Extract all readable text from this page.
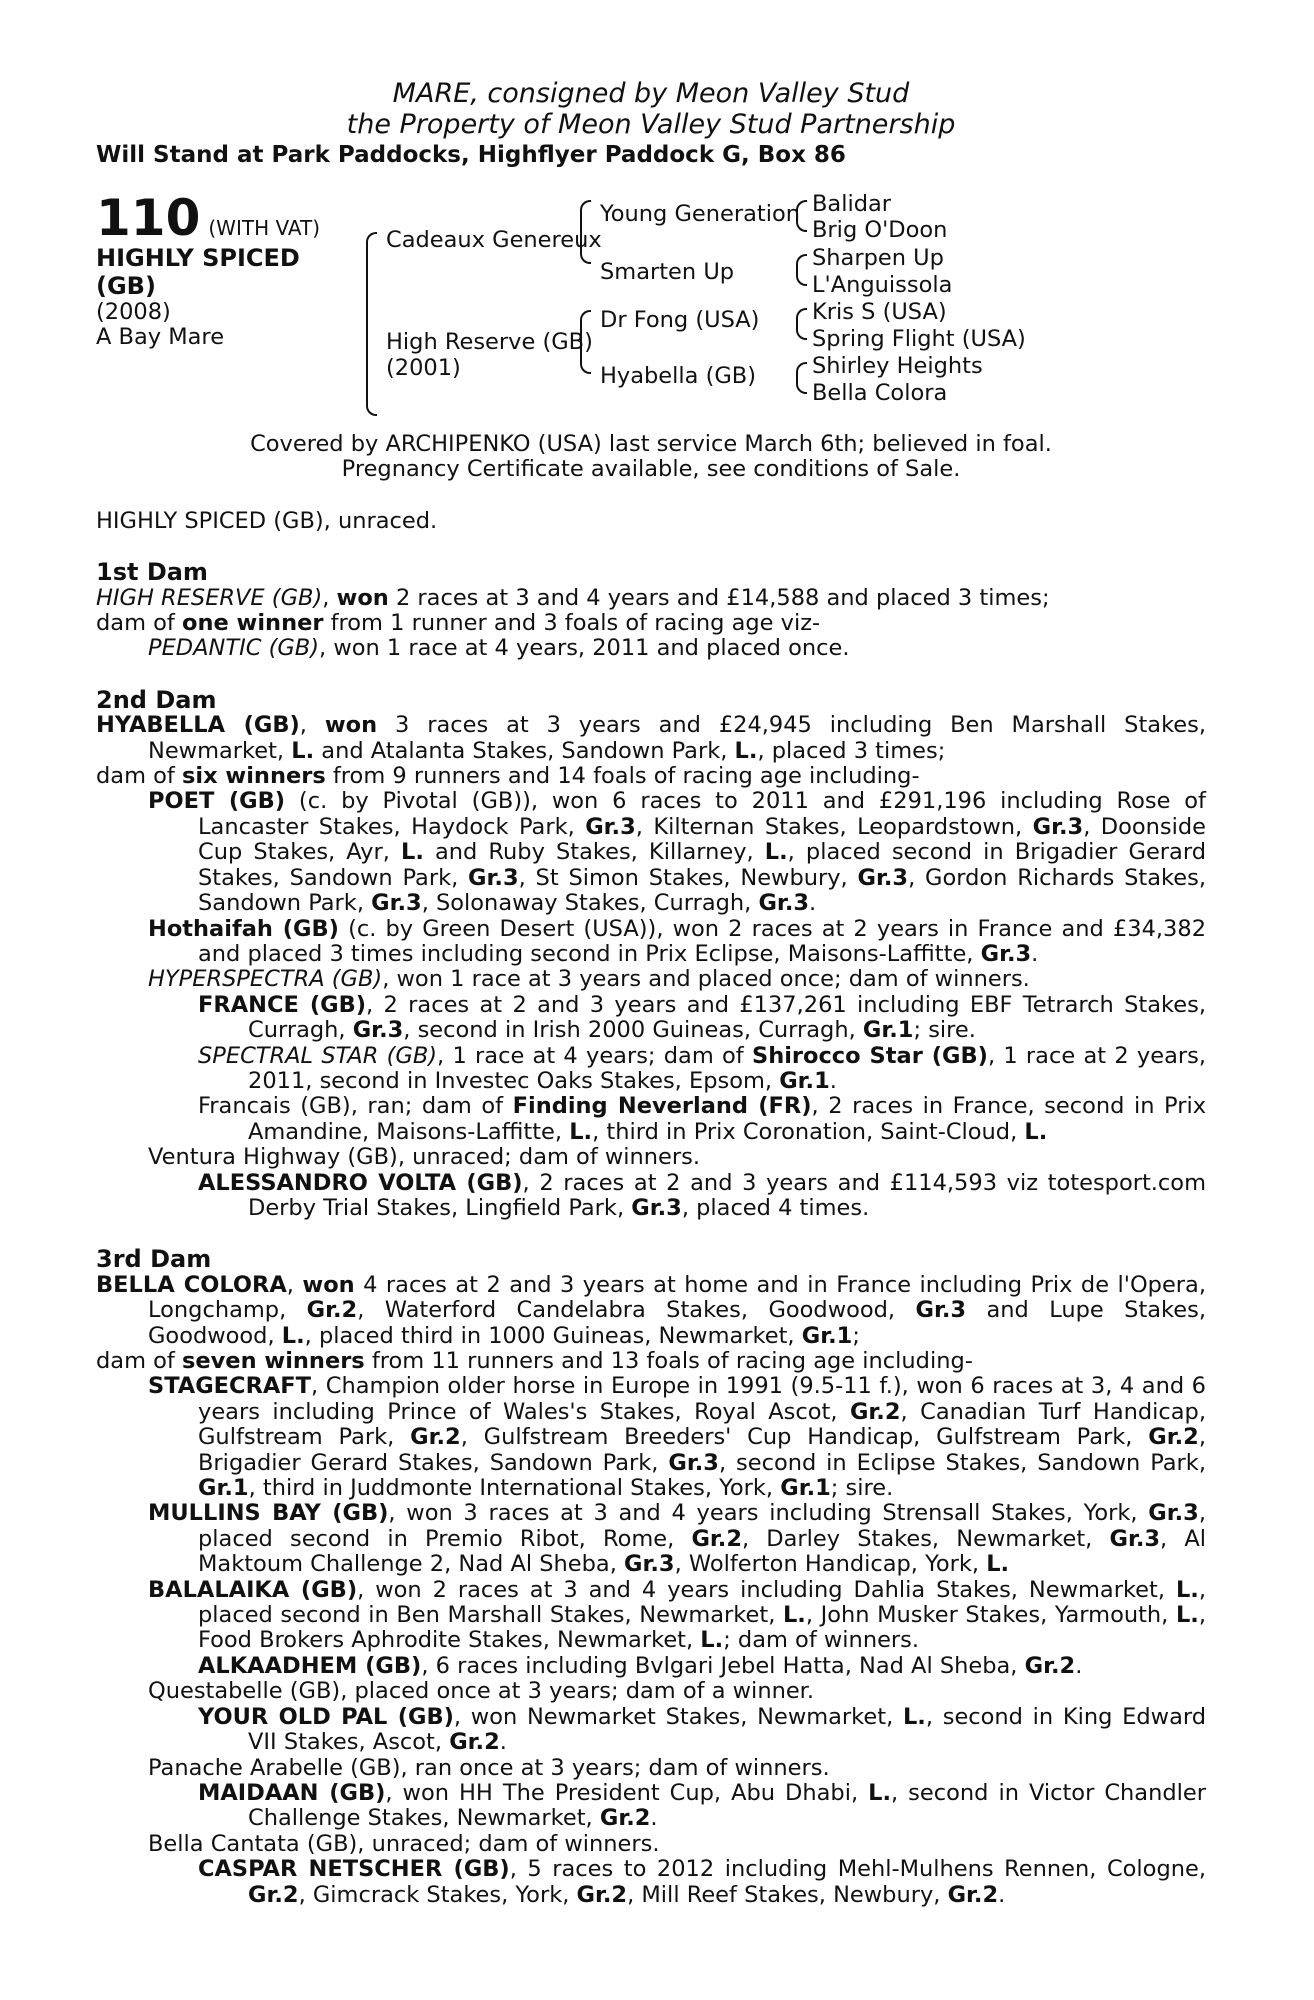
MARE, consigned by Meon Valley Stud
the Property of Meon Valley Stud Partnership
Will Stand at Park Paddocks, Highflyer Paddock G, Box 86
110 (WITH VAT)
HIGHLY SPICED
(GB)
(2008)
A Bay Mare
Cadeaux Genereux
High Reserve (GB)
(2001)
Young Generation
Smarten Up
Dr Fong (USA)
Hyabella (GB)
Balidar
Brig O'Doon
Sharpen Up
L'Anguissola
Kris S (USA)
Spring Flight (USA)
Shirley Heights
Bella Colora
Covered by ARCHIPENKO (USA) last service March 6th; believed in foal.
Pregnancy Certificate available, see conditions of Sale.
HIGHLY SPICED (GB), unraced.
1st Dam
HIGH RESERVE (GB), won 2 races at 3 and 4 years and £14,588 and placed 3 times;
dam of one winner from 1 runner and 3 foals of racing age viz-
PEDANTIC (GB), won 1 race at 4 years, 2011 and placed once.
2nd Dam
HYABELLA (GB), won 3 races at 3 years and £24,945 including Ben Marshall Stakes, Newmarket, L. and Atalanta Stakes, Sandown Park, L., placed 3 times;
dam of six winners from 9 runners and 14 foals of racing age including-
POET (GB) (c. by Pivotal (GB)), won 6 races to 2011 and £291,196 including Rose of Lancaster Stakes, Haydock Park, Gr.3, Kilternan Stakes, Leopardstown, Gr.3, Doonside Cup Stakes, Ayr, L. and Ruby Stakes, Killarney, L., placed second in Brigadier Gerard Stakes, Sandown Park, Gr.3, St Simon Stakes, Newbury, Gr.3, Gordon Richards Stakes, Sandown Park, Gr.3, Solonaway Stakes, Curragh, Gr.3.
Hothaifah (GB) (c. by Green Desert (USA)), won 2 races at 2 years in France and £34,382 and placed 3 times including second in Prix Eclipse, Maisons-Laffitte, Gr.3.
HYPERSPECTRA (GB), won 1 race at 3 years and placed once; dam of winners.
FRANCE (GB), 2 races at 2 and 3 years and £137,261 including EBF Tetrarch Stakes, Curragh, Gr.3, second in Irish 2000 Guineas, Curragh, Gr.1; sire.
SPECTRAL STAR (GB), 1 race at 4 years; dam of Shirocco Star (GB), 1 race at 2 years, 2011, second in Investec Oaks Stakes, Epsom, Gr.1.
Francais (GB), ran; dam of Finding Neverland (FR), 2 races in France, second in Prix Amandine, Maisons-Laffitte, L., third in Prix Coronation, Saint-Cloud, L.
Ventura Highway (GB), unraced; dam of winners.
ALESSANDRO VOLTA (GB), 2 races at 2 and 3 years and £114,593 viz totesport.com Derby Trial Stakes, Lingfield Park, Gr.3, placed 4 times.
3rd Dam
BELLA COLORA, won 4 races at 2 and 3 years at home and in France including Prix de l'Opera, Longchamp, Gr.2, Waterford Candelabra Stakes, Goodwood, Gr.3 and Lupe Stakes, Goodwood, L., placed third in 1000 Guineas, Newmarket, Gr.1;
dam of seven winners from 11 runners and 13 foals of racing age including-
STAGECRAFT, Champion older horse in Europe in 1991 (9.5-11 f.), won 6 races at 3, 4 and 6 years including Prince of Wales's Stakes, Royal Ascot, Gr.2, Canadian Turf Handicap, Gulfstream Park, Gr.2, Gulfstream Breeders' Cup Handicap, Gulfstream Park, Gr.2, Brigadier Gerard Stakes, Sandown Park, Gr.3, second in Eclipse Stakes, Sandown Park, Gr.1, third in Juddmonte International Stakes, York, Gr.1; sire.
MULLINS BAY (GB), won 3 races at 3 and 4 years including Strensall Stakes, York, Gr.3, placed second in Premio Ribot, Rome, Gr.2, Darley Stakes, Newmarket, Gr.3, Al Maktoum Challenge 2, Nad Al Sheba, Gr.3, Wolferton Handicap, York, L.
BALALAIKA (GB), won 2 races at 3 and 4 years including Dahlia Stakes, Newmarket, L., placed second in Ben Marshall Stakes, Newmarket, L., John Musker Stakes, Yarmouth, L., Food Brokers Aphrodite Stakes, Newmarket, L.; dam of winners.
ALKAADHEM (GB), 6 races including Bvlgari Jebel Hatta, Nad Al Sheba, Gr.2.
Questabelle (GB), placed once at 3 years; dam of a winner.
YOUR OLD PAL (GB), won Newmarket Stakes, Newmarket, L., second in King Edward VII Stakes, Ascot, Gr.2.
Panache Arabelle (GB), ran once at 3 years; dam of winners.
MAIDAAN (GB), won HH The President Cup, Abu Dhabi, L., second in Victor Chandler Challenge Stakes, Newmarket, Gr.2.
Bella Cantata (GB), unraced; dam of winners.
CASPAR NETSCHER (GB), 5 races to 2012 including Mehl-Mulhens Rennen, Cologne, Gr.2, Gimcrack Stakes, York, Gr.2, Mill Reef Stakes, Newbury, Gr.2.
